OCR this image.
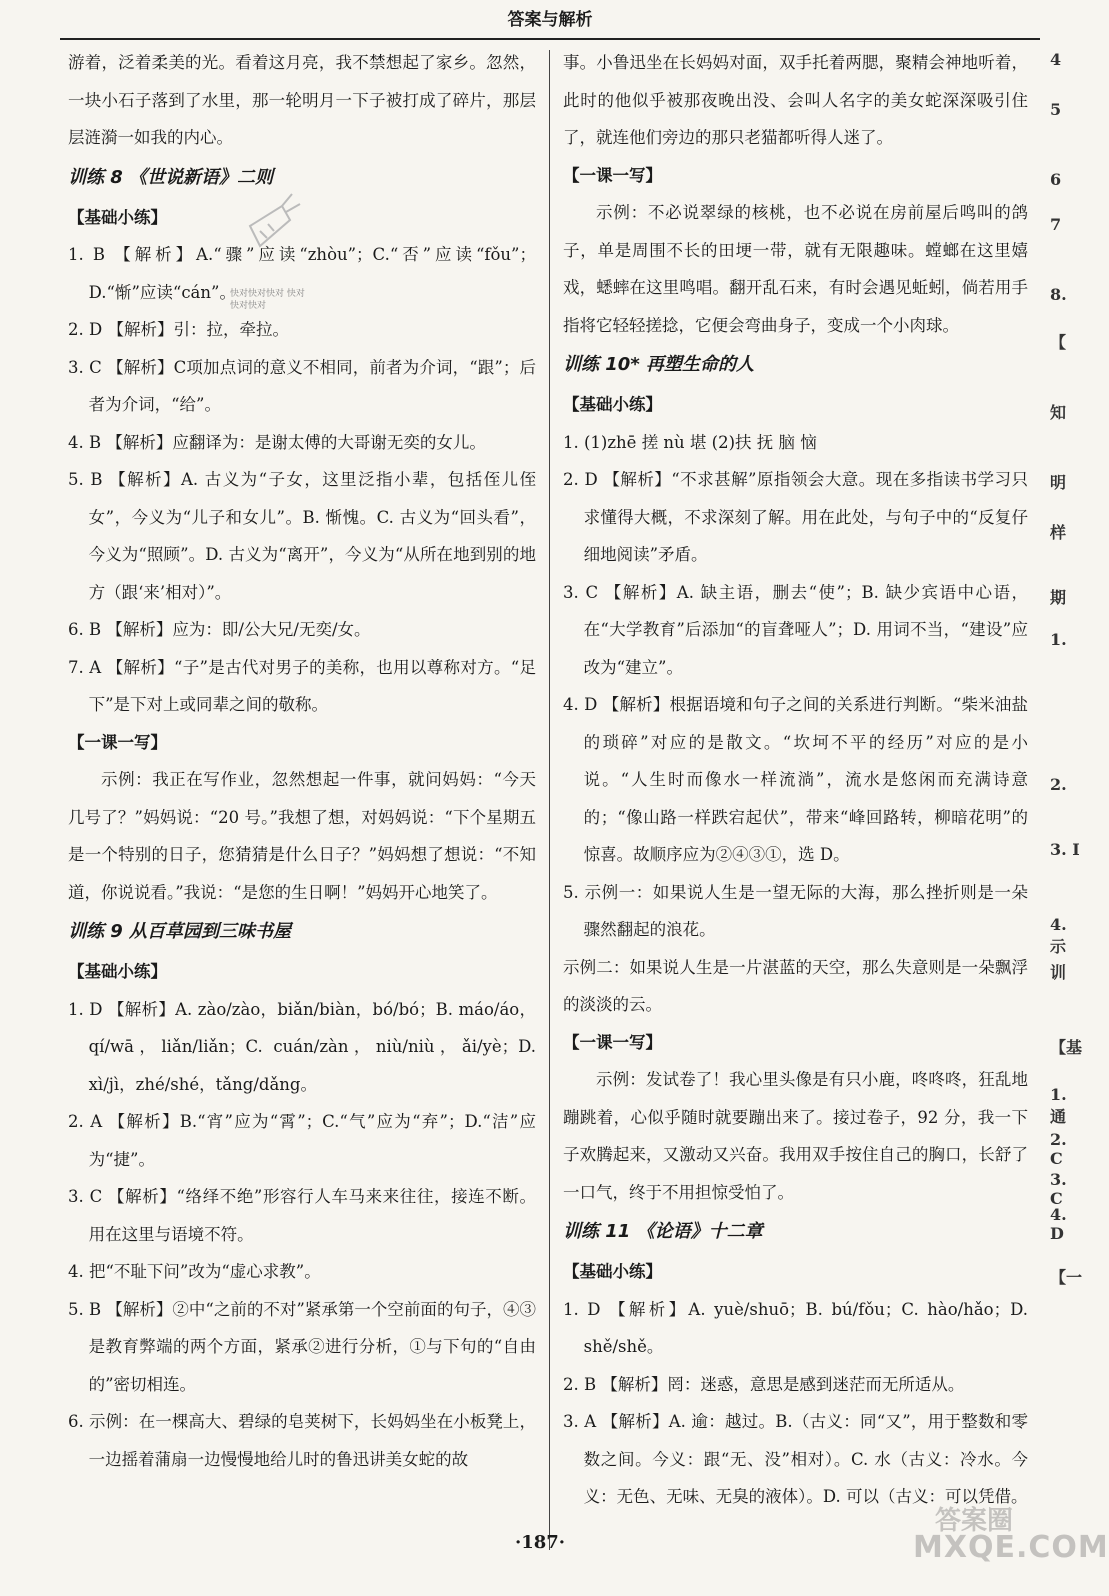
答案与解析
游着，泛着柔美的光。看着这月亮，我不禁想起了家乡。忽然，一块小石子落到了水里，那一轮明月一下子被打成了碎片，那层层涟漪一如我的内心。
训练 8 《世说新语》二则
【基础小练】
1. B 【解析】A.“骤”应读“zhòu”；C.“否”应读“fǒu”；D.“惭”应读“cán”。
2. D 【解析】引：拉，牵拉。
3. C 【解析】C项加点词的意义不相同，前者为介词，“跟”；后者为介词，“给”。
4. B 【解析】应翻译为：是谢太傅的大哥谢无奕的女儿。
5. B 【解析】A. 古义为“子女，这里泛指小辈，包括侄儿侄女”，今义为“儿子和女儿”。B. 惭愧。C. 古义为“回头看”，今义为“照顾”。D. 古义为“离开”，今义为“从所在地到别的地方（跟‘来’相对）”。
6. B 【解析】应为：即/公大兄/无奕/女。
7. A 【解析】“子”是古代对男子的美称，也用以尊称对方。“足下”是下对上或同辈之间的敬称。
【一课一写】
示例：我正在写作业，忽然想起一件事，就问妈妈：“今天几号了？”妈妈说：“20 号。”我想了想，对妈妈说：“下个星期五是一个特别的日子，您猜猜是什么日子？”妈妈想了想说：“不知道，你说说看。”我说：“是您的生日啊！”妈妈开心地笑了。
训练 9 从百草园到三味书屋
【基础小练】
1. D 【解析】A. zào/zào，biǎn/biàn，bó/bó；B. máo/áo，qí/wā，liǎn/liǎn；C. cuán/zàn，niù/niù，ǎi/yè；D. xì/jì，zhé/shé，tǎng/dǎng。
2. A 【解析】B.“宵”应为“霄”；C.“气”应为“弃”；D.“洁”应为“捷”。
3. C 【解析】“络绎不绝”形容行人车马来来往往，接连不断。用在这里与语境不符。
4. 把“不耻下问”改为“虚心求教”。
5. B 【解析】②中“之前的不对”紧承第一个空前面的句子，④③是教育弊端的两个方面，紧承②进行分析，①与下句的“自由的”密切相连。
6. 示例：在一棵高大、碧绿的皂荚树下，长妈妈坐在小板凳上，一边摇着蒲扇一边慢慢地给儿时的鲁迅讲美女蛇的故
事。小鲁迅坐在长妈妈对面，双手托着两腮，聚精会神地听着，此时的他似乎被那夜晚出没、会叫人名字的美女蛇深深吸引住了，就连他们旁边的那只老猫都听得人迷了。
【一课一写】
示例：不必说翠绿的核桃，也不必说在房前屋后鸣叫的鸽子，单是周围不长的田埂一带，就有无限趣味。螳螂在这里嬉戏，蟋蟀在这里鸣唱。翻开乱石来，有时会遇见蚯蚓，倘若用手指将它轻轻搓捻，它便会弯曲身子，变成一个小肉球。
训练 10* 再塑生命的人
【基础小练】
1. (1)zhē 搓 nù 堪 (2)扶 抚 脑 恼
2. D 【解析】“不求甚解”原指领会大意。现在多指读书学习只求懂得大概，不求深刻了解。用在此处，与句子中的“反复仔细地阅读”矛盾。
3. C 【解析】A. 缺主语，删去“使”；B. 缺少宾语中心语，在“大学教育”后添加“的盲聋哑人”；D. 用词不当，“建设”应改为“建立”。
4. D 【解析】根据语境和句子之间的关系进行判断。“柴米油盐的琐碎”对应的是散文。“坎坷不平的经历”对应的是小说。“人生时而像水一样流淌”，流水是悠闲而充满诗意的；“像山路一样跌宕起伏”，带来“峰回路转，柳暗花明”的惊喜。故顺序应为②④③①，选 D。
5. 示例一：如果说人生是一望无际的大海，那么挫折则是一朵骤然翻起的浪花。
示例二：如果说人生是一片湛蓝的天空，那么失意则是一朵飘浮的淡淡的云。
【一课一写】
示例：发试卷了！我心里头像是有只小鹿，咚咚咚，狂乱地蹦跳着，心似乎随时就要蹦出来了。接过卷子，92 分，我一下子欢腾起来，又激动又兴奋。我用双手按住自己的胸口，长舒了一口气，终于不用担惊受怕了。
训练 11 《论语》十二章
【基础小练】
1. D 【解析】A. yuè/shuō；B. bú/fǒu；C. hào/hǎo；D. shě/shě。
2. B 【解析】罔：迷惑，意思是感到迷茫而无所适从。
3. A 【解析】A. 逾：越过。B.（古义：同“又”，用于整数和零数之间。今义：跟“无、没”相对）。C. 水（古义：冷水。今义：无色、无味、无臭的液体）。D. 可以（古义：可以凭借。
·187·
4
5
6
7
8.
【
知
明
样
期
1.
2.
3. I
4. 示
训
【基
1. 通
2. C
3. C
4. D
【一
快对快对快对 快对快对快对
答案圈
MXQE.COM
